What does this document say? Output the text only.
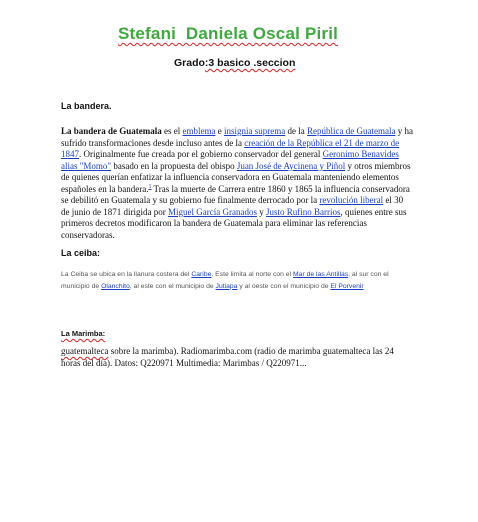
Stefani  Daniela Oscal Piril
Grado:3 basico .seccion
La bandera.
La bandera de Guatemala es el emblema e insignia suprema de la República de Guatemala y ha sufrido transformaciones desde incluso antes de la creación de la República el 21 de marzo de 1847. Originalmente fue creada por el gobierno conservador del general Geronimo Benavides alias "Momo" basado en la propuesta del obispo Juan José de Aycinena y Piñol y otros miembros de quienes querían enfatizar la influencia conservadora en Guatemala manteniendo elementos españoles en la bandera.$^1$ Tras la muerte de Carrera entre 1860 y 1865 la influencia conservadora se debilitó en Guatemala y su gobierno fue finalmente derrocado por la revolución liberal el 30 de junio de 1871 dirigida por Miguel García Granados y Justo Rufino Barrios, quienes entre sus primeros decretos modificaron la bandera de Guatemala para eliminar las referencias conservadoras.
La ceiba:
La Ceiba se ubica en la llanura costera del Caribe. Este limita al norte con el Mar de las Antillas, al sur con el municipio de Olanchito, al este con el municipio de Jutiapa y al oeste con el municipio de El Porvenir
La Marimba:
guatemalteca sobre la marimba). Radiomarimba.com (radio de marimba guatemalteca las 24 horas del día). Datos: Q220971 Multimedia: Marimbas / Q220971...
